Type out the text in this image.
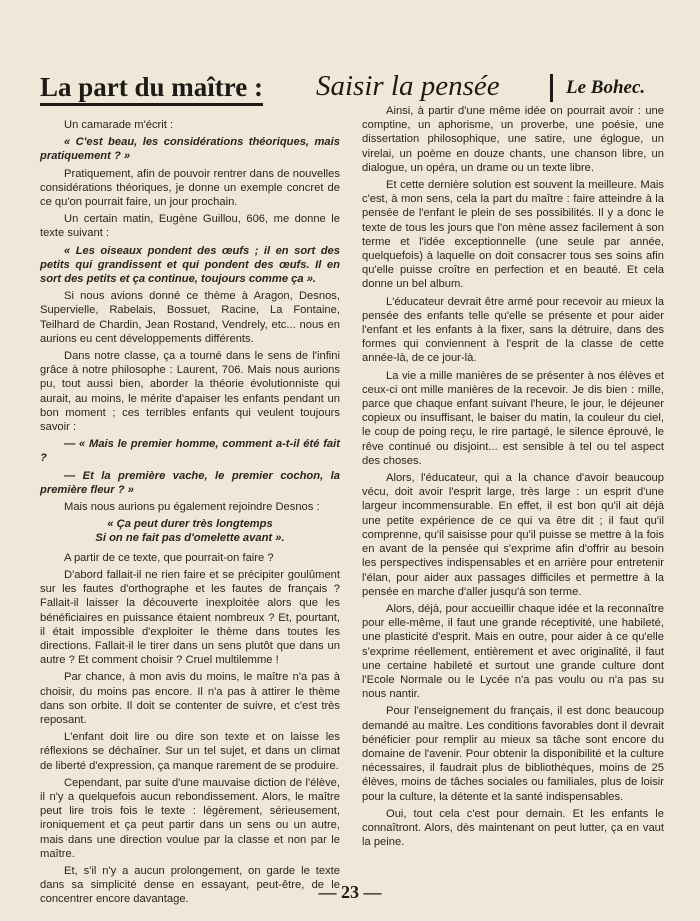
La part du maître : Saisir la pensée	Le Bohec.

Un camarade m'écrit :

« C'est beau, les considérations théoriques, mais pratiquement ? »

Pratiquement, afin de pouvoir rentrer dans de nouvelles considérations théoriques, je donne un exemple concret de ce qu'on pourrait faire, un jour prochain.

Un certain matin, Eugène Guillou, 606, me donne le texte suivant :

« Les oiseaux pondent des œufs ; il en sort des petits qui grandissent et qui pondent des œufs. Il en sort des petits et ça continue, toujours comme ça ».

Si nous avions donné ce thème à Aragon, Desnos, Supervielle, Rabelais, Bossuet, Racine, La Fontaine, Teilhard de Chardin, Jean Rostand, Vendrely, etc... nous en aurions eu cent développements différents.

Dans notre classe, ça a tourné dans le sens de l'infini grâce à notre philosophe : Laurent, 706. Mais nous aurions pu, tout aussi bien, aborder la théorie évolutionniste qui aurait, au moins, le mérite d'apaiser les enfants pendant un bon moment ; ces terribles enfants qui veulent toujours savoir :

— « Mais le premier homme, comment a-t-il été fait ?

— Et la première vache, le premier cochon, la première fleur ? »

Mais nous aurions pu également rejoindre Desnos :

« Ça peut durer très longtemps
Si on ne fait pas d'omelette avant ».

A partir de ce texte, que pourrait-on faire ?

D'abord fallait-il ne rien faire et se précipiter goulûment sur les fautes d'orthographe et les fautes de français ? Fallait-il laisser la découverte inexploitée alors que les bénéficiaires en puissance étaient nombreux ? Et, pourtant, il était impossible d'exploiter le thème dans toutes les directions. Fallait-il le tirer dans un sens plutôt que dans un autre ? Et comment choisir ? Cruel multilemme !

Par chance, à mon avis du moins, le maître n'a pas à choisir, du moins pas encore. Il n'a pas à attirer le thème dans son orbite. Il doit se contenter de suivre, et c'est très reposant.

L'enfant doit lire ou dire son texte et on laisse les réflexions se déchaîner. Sur un tel sujet, et dans un climat de liberté d'expression, ça manque rarement de se produire.

Cependant, par suite d'une mauvaise diction de l'élève, il n'y a quelquefois aucun rebondissement. Alors, le maître peut lire trois fois le texte : légèrement, sérieusement, ironiquement et ça peut partir dans un sens ou un autre, mais dans une direction voulue par la classe et non par le maître.

Et, s'il n'y a aucun prolongement, on garde le texte dans sa simplicité dense en essayant, peut-être, de le concentrer encore davantage.

Ainsi, à partir d'une même idée on pourrait avoir : une comptine, un aphorisme, un proverbe, une poésie, une dissertation philosophique, une satire, une églogue, un virelai, un poème en douze chants, une chanson libre, un dialogue, un opéra, un drame ou un texte libre.

Et cette dernière solution est souvent la meilleure. Mais c'est, à mon sens, cela la part du maître : faire atteindre à la pensée de l'enfant le plein de ses possibilités. Il y a donc le texte de tous les jours que l'on mène assez facilement à son terme et l'idée exceptionnelle (une seule par année, quelquefois) à laquelle on doit consacrer tous ses soins afin qu'elle puisse croître en perfection et en beauté. Et cela donne un bel album.

L'éducateur devrait être armé pour recevoir au mieux la pensée des enfants telle qu'elle se présente et pour aider l'enfant et les enfants à la fixer, sans la détruire, dans des formes qui conviennent à l'esprit de la classe de cette année-là, de ce jour-là.

La vie a mille manières de se présenter à nos élèves et ceux-ci ont mille manières de la recevoir. Je dis bien : mille, parce que chaque enfant suivant l'heure, le jour, le déjeuner copieux ou insuffisant, le baiser du matin, la couleur du ciel, le coup de poing reçu, le rire partagé, le silence éprouvé, le rêve continué ou disjoint... est sensible à tel ou tel aspect des choses.

Alors, l'éducateur, qui a la chance d'avoir beaucoup vécu, doit avoir l'esprit large, très large : un esprit d'une largeur incommensurable. En effet, il est bon qu'il ait déjà une petite expérience de ce qui va être dit ; il faut qu'il comprenne, qu'il saisisse pour qu'il puisse se mettre à la fois en avant de la pensée qui s'exprime afin d'offrir au besoin les perspectives indispensables et en arrière pour entretenir l'élan, pour aider aux passages difficiles et permettre à la pensée en marche d'aller jusqu'à son terme.

Alors, déjà, pour accueillir chaque idée et la reconnaître pour elle-même, il faut une grande réceptivité, une habileté, une plasticité d'esprit. Mais en outre, pour aider à ce qu'elle s'exprime réellement, entièrement et avec originalité, il faut une certaine habileté et surtout une grande culture dont l'Ecole Normale ou le Lycée n'a pas voulu ou n'a pas su nous nantir.

Pour l'enseignement du français, il est donc beaucoup demandé au maître. Les conditions favorables dont il devrait bénéficier pour remplir au mieux sa tâche sont encore du domaine de l'avenir. Pour obtenir la disponibilité et la culture nécessaires, il faudrait plus de bibliothèques, moins de 25 élèves, moins de tâches sociales ou familiales, plus de loisir pour la culture, la détente et la santé indispensables.

Oui, tout cela c'est pour demain. Et les enfants le connaîtront. Alors, dès maintenant on peut lutter, ça en vaut la peine.

— 23 —
